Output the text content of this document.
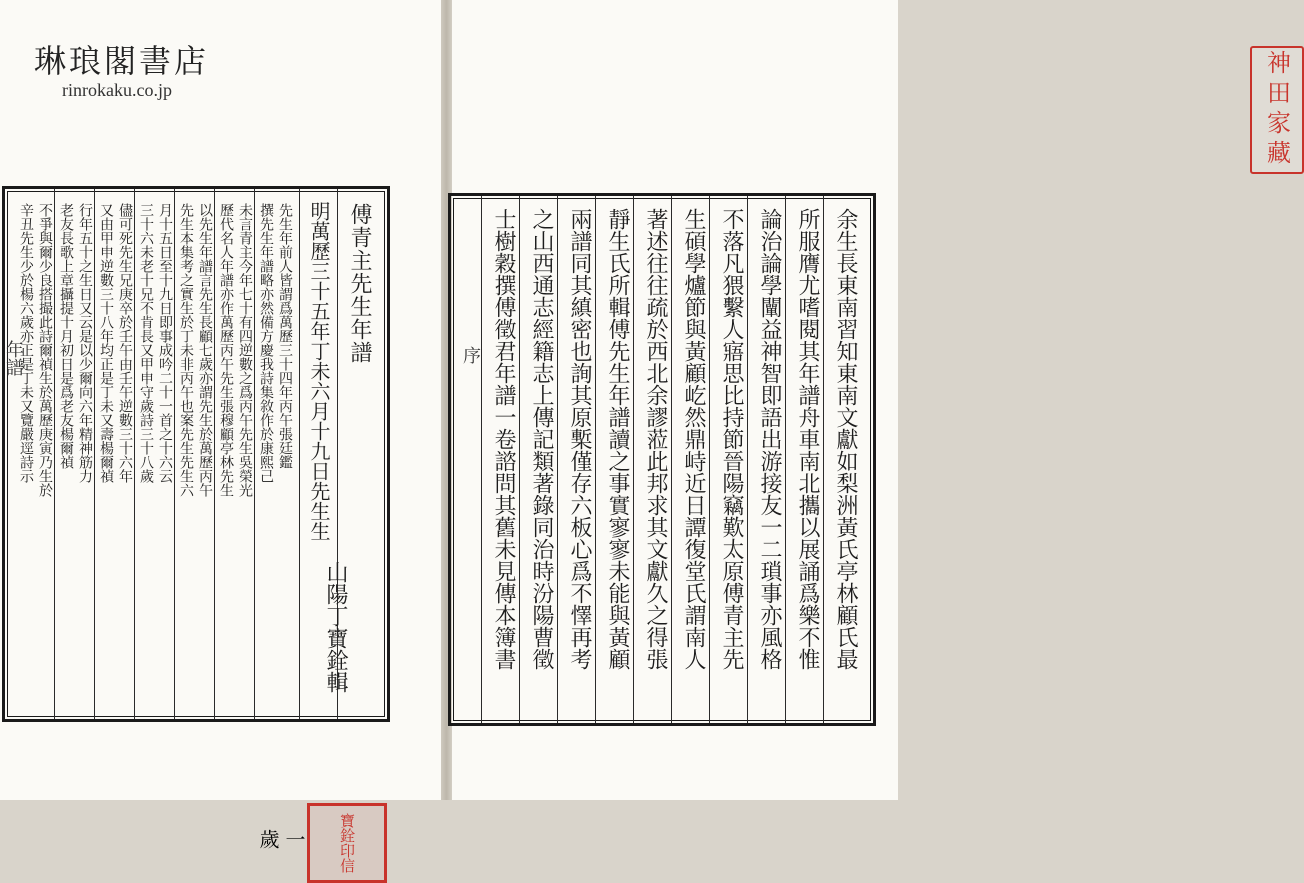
琳琅閣書店
rinrokaku.co.jp
傅青主先生年譜
山陽丁寶銓輯
明萬歷三十五年丁未六月十九日先生生
一歲
先生年前人皆謂爲萬歷三十四年丙午張廷鑑
撰先生年譜略亦然備方慶我詩集敘作於康熙己
未言青主今年七十有四逆數之爲丙午先生吳榮光
歷代名人年譜亦作萬歷丙午先生張穆顧亭林先生
以先生年譜言先生長顧七歲亦謂先生於萬歷丙午
先生本集考之實生於丁未非丙午也案先生先生六
月十五日至十九日即事成吟二十一首之十六云
三十六未老十兄不肯長又甲申守歲詩三十八歲
儘可死先生兄庚卒於壬午由壬午逆數三十六年
又由甲申逆數三十八年均正是丁未又壽楊爾禎
行年五十之生日又云是以少爾向六年精神筋力
老友長歌上章攝提十月初日是爲老友楊爾禎
不爭與爾少良搭撮此詩爾禎生於萬歷庚寅乃生於
辛丑先生少於楊六歲亦正是丁未又覽嚴逕詩示
寶銓印信
年譜
神田家藏
余生長東南習知東南文獻如梨洲黃氏亭林顧氏最
所服膺尤嗜閱其年譜舟車南北攜以展誦爲樂不惟
論治論學闡益神智即語出游接友一二瑣事亦風格
不落凡猥繫人寤思比持節晉陽竊歎太原傅青主先
生碩學爐節與黃顧屹然鼎峙近日譚復堂氏謂南人
著述往往疏於西北余謬蒞此邦求其文獻久之得張
靜生氏所輯傅先生年譜讀之事實寥寥未能與黃顧
兩譜同其縝密也詢其原槧僅存六板心爲不懌再考
之山西通志經籍志上傳記類著錄同治時汾陽曹徵
士樹穀撰傅徵君年譜一卷諮問其舊未見傳本簿書
序
